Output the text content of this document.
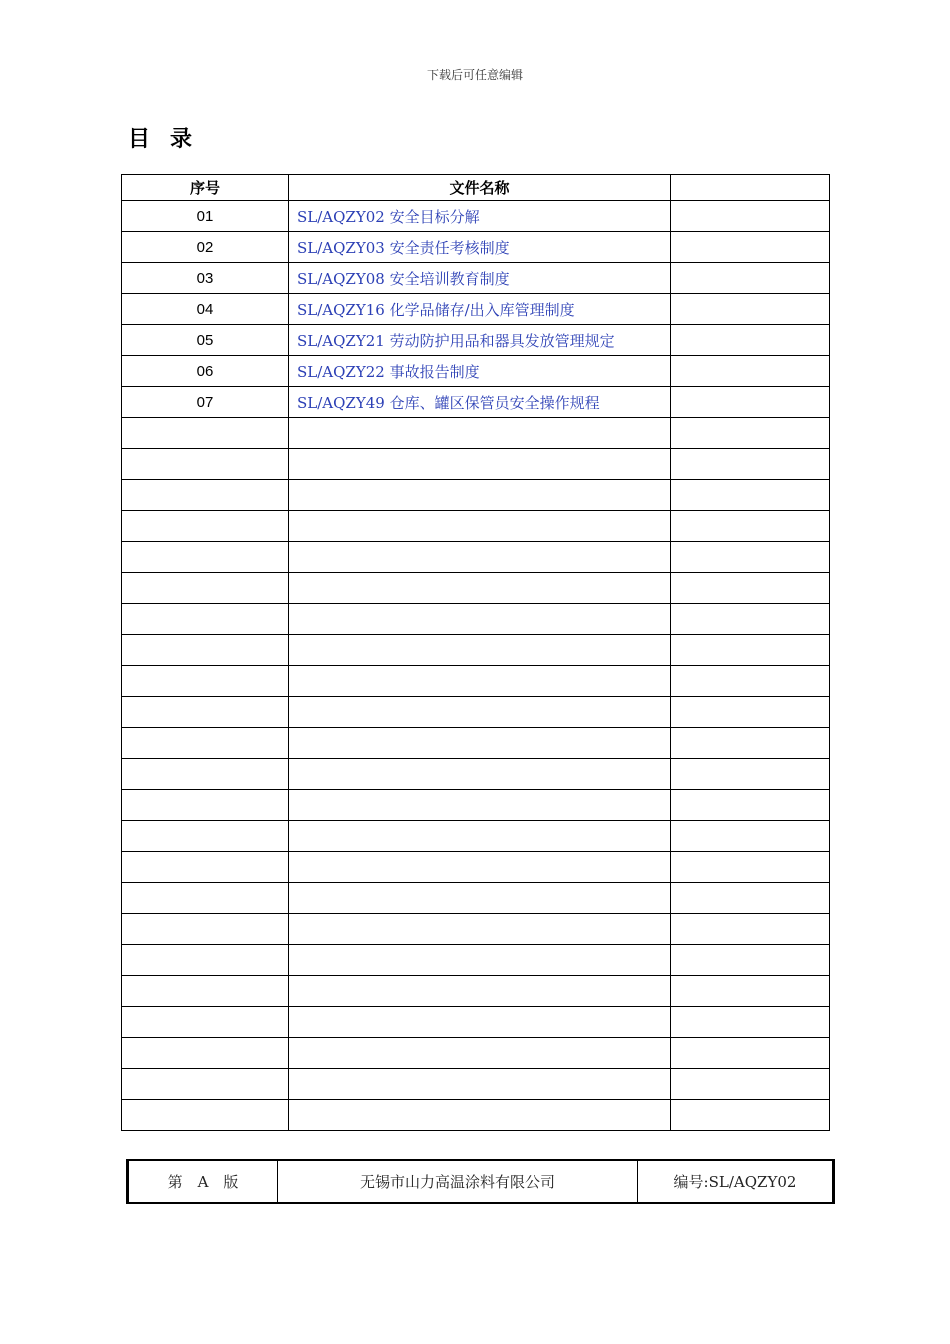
下载后可任意编辑
目录
序号	文件名称	
01	SL/AQZY02 安全目标分解	
02	SL/AQZY03 安全责任考核制度	
03	SL/AQZY08 安全培训教育制度	
04	SL/AQZY16 化学品储存/出入库管理制度	
05	SL/AQZY21 劳动防护用品和器具发放管理规定	
06	SL/AQZY22 事故报告制度	
07	SL/AQZY49 仓库、罐区保管员安全操作规程	

第　A　版	无锡市山力高温涂料有限公司	编号:SL/AQZY02
